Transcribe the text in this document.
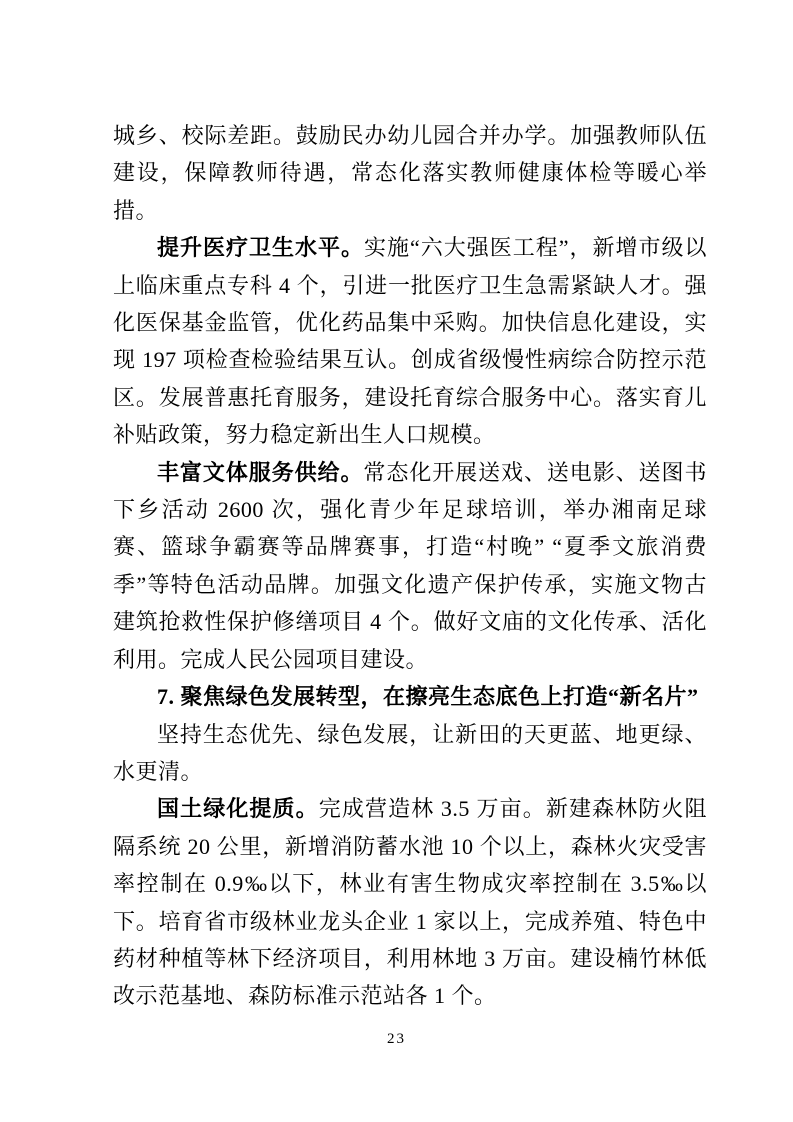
城乡、校际差距。鼓励民办幼儿园合并办学。加强教师队伍建设，保障教师待遇，常态化落实教师健康体检等暖心举措。

提升医疗卫生水平。实施“六大强医工程”，新增市级以上临床重点专科 4 个，引进一批医疗卫生急需紧缺人才。强化医保基金监管，优化药品集中采购。加快信息化建设，实现 197 项检查检验结果互认。创成省级慢性病综合防控示范区。发展普惠托育服务，建设托育综合服务中心。落实育儿补贴政策，努力稳定新出生人口规模。

丰富文体服务供给。常态化开展送戏、送电影、送图书下乡活动 2600 次，强化青少年足球培训，举办湘南足球赛、篮球争霸赛等品牌赛事，打造“村晚” “夏季文旅消费季”等特色活动品牌。加强文化遗产保护传承，实施文物古建筑抢救性保护修缮项目 4 个。做好文庙的文化传承、活化利用。完成人民公园项目建设。

7. 聚焦绿色发展转型，在擦亮生态底色上打造“新名片”

坚持生态优先、绿色发展，让新田的天更蓝、地更绿、水更清。

国土绿化提质。完成营造林 3.5 万亩。新建森林防火阻隔系统 20 公里，新增消防蓄水池 10 个以上，森林火灾受害率控制在 0.9‰以下，林业有害生物成灾率控制在 3.5‰以下。培育省市级林业龙头企业 1 家以上，完成养殖、特色中药材种植等林下经济项目，利用林地 3 万亩。建设楠竹林低改示范基地、森防标准示范站各 1 个。

23
